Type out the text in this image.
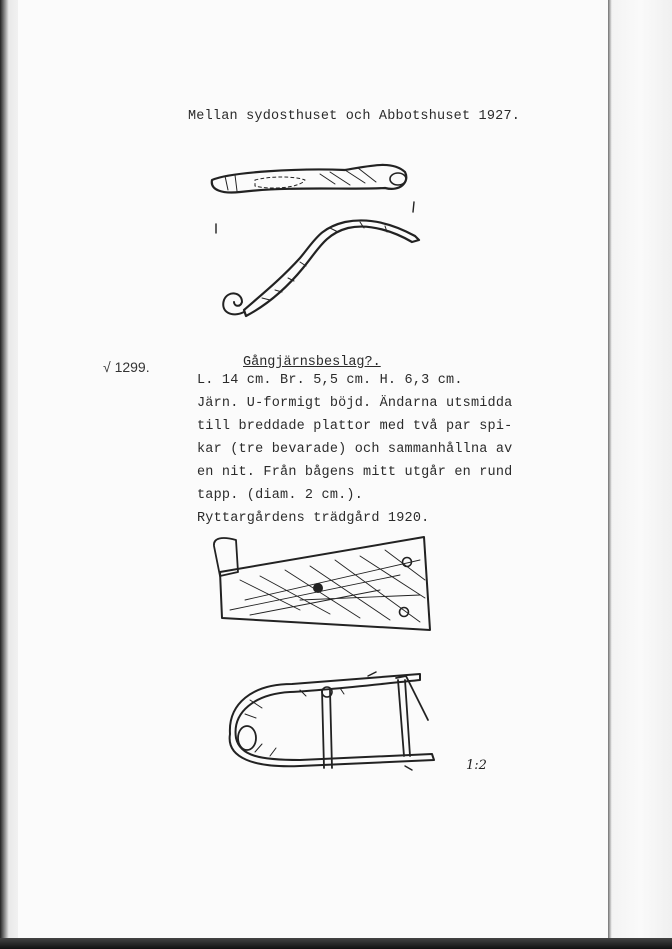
Mellan sydosthuset och Abbotshuset 1927.
√ 1299.	Gångjärnsbeslag?.
L. 14 cm. Br. 5,5 cm. H. 6,3 cm.
Järn. U-formigt böjd. Ändarna utsmidda
till breddade plattor med två par spi-
kar (tre bevarade) och sammanhållna av
en nit. Från bågens mitt utgår en rund
tapp. (diam. 2 cm.).
Ryttargårdens trädgård 1920.
1:2
